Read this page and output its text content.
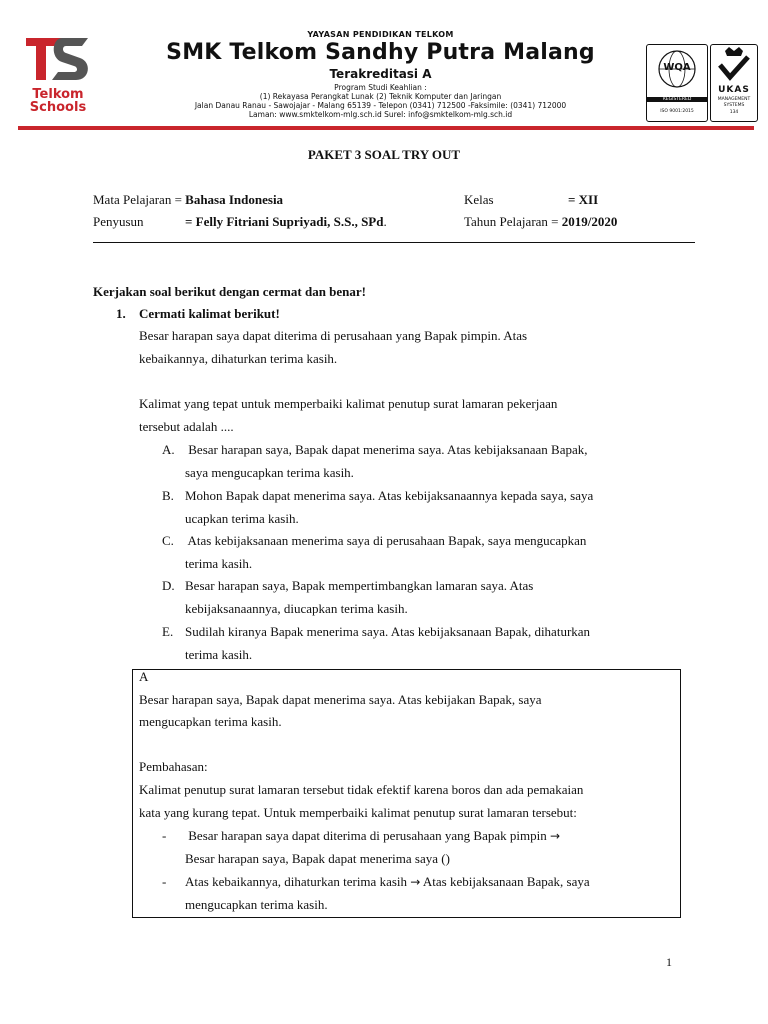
Telkom
Schools
YAYASAN PENDIDIKAN TELKOM
SMK Telkom Sandhy Putra Malang
Terakreditasi A
Program Studi Keahlian :
(1) Rekayasa Perangkat Lunak (2) Teknik Komputer dan Jaringan
Jalan Danau Ranau - Sawojajar - Malang 65139 - Telepon (0341) 712500 -Faksimile: (0341) 712000
Laman: www.smktelkom-mlg.sch.id Surel: info@smktelkom-mlg.sch.id
WQA
REGISTERED
ISO 9001:2015
UKAS
MANAGEMENT
SYSTEMS
134
PAKET 3 SOAL TRY OUT
Mata Pelajaran = Bahasa Indonesia	Kelas	= XII
Penyusun	= Felly Fitriani Supriyadi, S.S., SPd.	Tahun Pelajaran = 2019/2020
Kerjakan soal berikut dengan cermat dan benar!
1. Cermati kalimat berikut!
Besar harapan saya dapat diterima di perusahaan yang Bapak pimpin. Atas
kebaikannya, dihaturkan terima kasih.
Kalimat yang tepat untuk memperbaiki kalimat penutup surat lamaran pekerjaan
tersebut adalah ....
A. Besar harapan saya, Bapak dapat menerima saya. Atas kebijaksanaan Bapak,
saya mengucapkan terima kasih.
B. Mohon Bapak dapat menerima saya. Atas kebijaksanaannya kepada saya, saya
ucapkan terima kasih.
C. Atas kebijaksanaan menerima saya di perusahaan Bapak, saya mengucapkan
terima kasih.
D. Besar harapan saya, Bapak mempertimbangkan lamaran saya. Atas
kebijaksanaannya, diucapkan terima kasih.
E. Sudilah kiranya Bapak menerima saya. Atas kebijaksanaan Bapak, dihaturkan
terima kasih.
A
Besar harapan saya, Bapak dapat menerima saya. Atas kebijakan Bapak, saya
mengucapkan terima kasih.
Pembahasan:
Kalimat penutup surat lamaran tersebut tidak efektif karena boros dan ada pemakaian
kata yang kurang tepat. Untuk memperbaiki kalimat penutup surat lamaran tersebut:
- Besar harapan saya dapat diterima di perusahaan yang Bapak pimpin →
Besar harapan saya, Bapak dapat menerima saya ()
- Atas kebaikannya, dihaturkan terima kasih → Atas kebijaksanaan Bapak, saya
mengucapkan terima kasih.
1
